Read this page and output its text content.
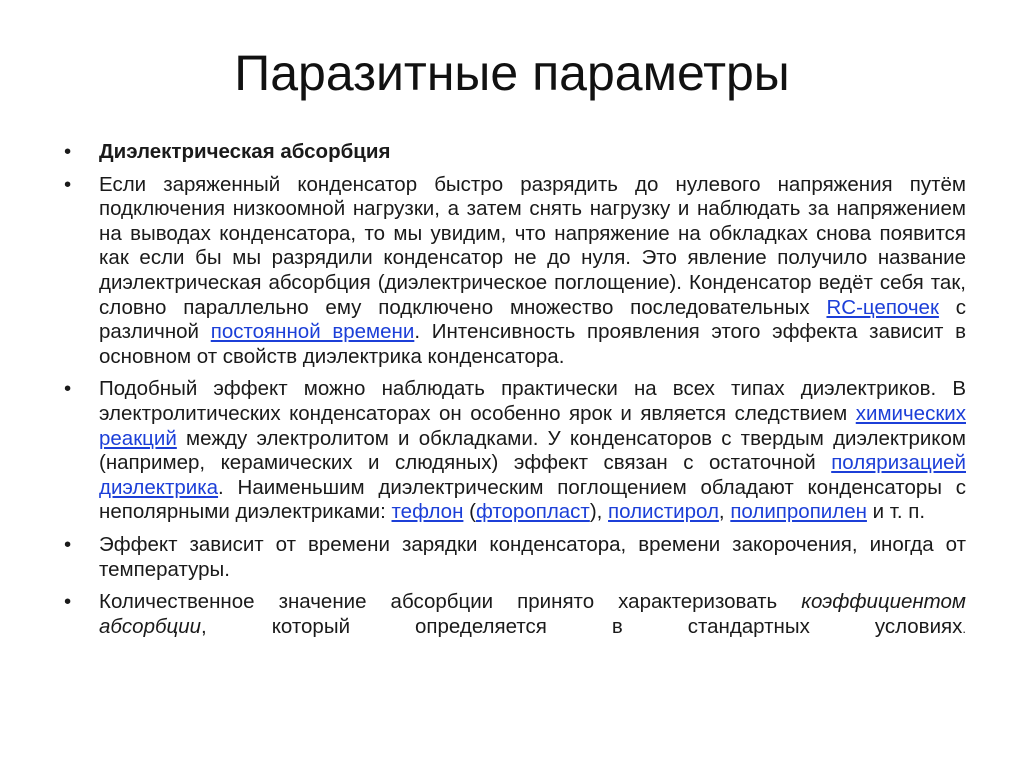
Паразитные параметры
• Диэлектрическая абсорбция
• Если заряженный конденсатор быстро разрядить до нулевого напряжения путём подключения низкоомной нагрузки, а затем снять нагрузку и наблюдать за напряжением на выводах конденсатора, то мы увидим, что напряжение на обкладках снова появится как если бы мы разрядили конденсатор не до нуля. Это явление получило название диэлектрическая абсорбция (диэлектрическое поглощение). Конденсатор ведёт себя так, словно параллельно ему подключено множество последовательных RC-цепочек с различной постоянной времени. Интенсивность проявления этого эффекта зависит в основном от свойств диэлектрика конденсатора.
• Подобный эффект можно наблюдать практически на всех типах диэлектриков. В электролитических конденсаторах он особенно ярок и является следствием химических реакций между электролитом и обкладками. У конденсаторов с твердым диэлектриком (например, керамических и слюдяных) эффект связан с остаточной поляризацией диэлектрика. Наименьшим диэлектрическим поглощением обладают конденсаторы с неполярными диэлектриками: тефлон (фторопласт), полистирол, полипропилен и т. п.
• Эффект зависит от времени зарядки конденсатора, времени закорочения, иногда от температуры.
• Количественное значение абсорбции принято характеризовать коэффициентом абсорбции, который определяется в стандартных условиях.
